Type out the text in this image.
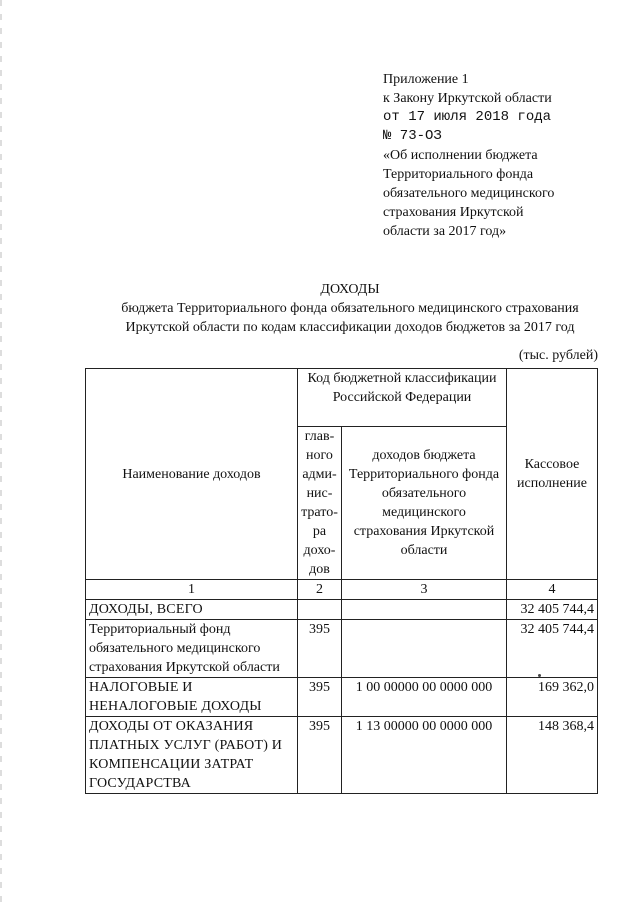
Приложение 1
к Закону Иркутской области
от 17 июля 2018 года
№ 73-ОЗ
«Об исполнении бюджета
Территориального фонда
обязательного медицинского
страхования Иркутской
области за 2017 год»
ДОХОДЫ
бюджета Территориального фонда обязательного медицинского страхования
Иркутской области по кодам классификации доходов бюджетов за 2017 год
(тыс. рублей)
Наименование доходов	Код бюджетной классификации Российской Федерации		Кассовое исполнение
	глав-ного адми-нис-трато-ра дохо-дов	доходов бюджета Территориального фонда обязательного медицинского страхования Иркутской области	
1	2	3	4
ДОХОДЫ, ВСЕГО			32 405 744,4
Территориальный фонд обязательного медицинского страхования Иркутской области	395		32 405 744,4
НАЛОГОВЫЕ И НЕНАЛОГОВЫЕ ДОХОДЫ	395	1 00 00000 00 0000 000	169 362,0
ДОХОДЫ ОТ ОКАЗАНИЯ ПЛАТНЫХ УСЛУГ (РАБОТ) И КОМПЕНСАЦИИ ЗАТРАТ ГОСУДАРСТВА	395	1 13 00000 00 0000 000	148 368,4
